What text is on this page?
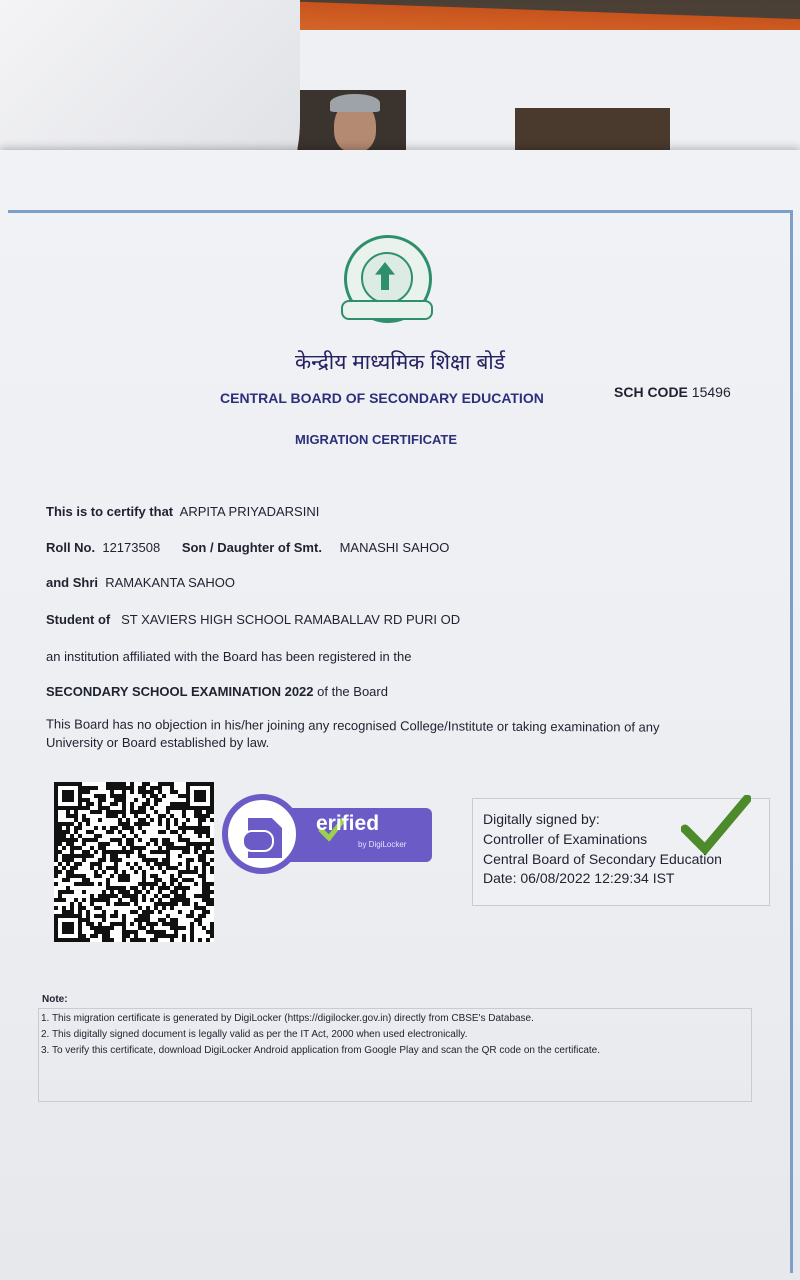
केन्द्रीय माध्यमिक शिक्षा बोर्ड
CENTRAL BOARD OF SECONDARY EDUCATION	SCH CODE 15496
MIGRATION CERTIFICATE
This is to certify that ARPITA PRIYADARSINI
Roll No. 12173508 Son / Daughter of Smt. MANASHI SAHOO
and Shri RAMAKANTA SAHOO
Student of ST XAVIERS HIGH SCHOOL RAMABALLAV RD PURI OD
an institution affiliated with the Board has been registered in the
SECONDARY SCHOOL EXAMINATION 2022 of the Board
This Board has no objection in his/her joining any recognised College/Institute or taking examination of any
University or Board established by law.
erified
by DigiLocker
Digitally signed by:
Controller of Examinations
Central Board of Secondary Education
Date: 06/08/2022 12:29:34 IST
Note:
1. This migration certificate is generated by DigiLocker (https://digilocker.gov.in) directly from CBSE's Database.
2. This digitally signed document is legally valid as per the IT Act, 2000 when used electronically.
3. To verify this certificate, download DigiLocker Android application from Google Play and scan the QR code on the certificate.
